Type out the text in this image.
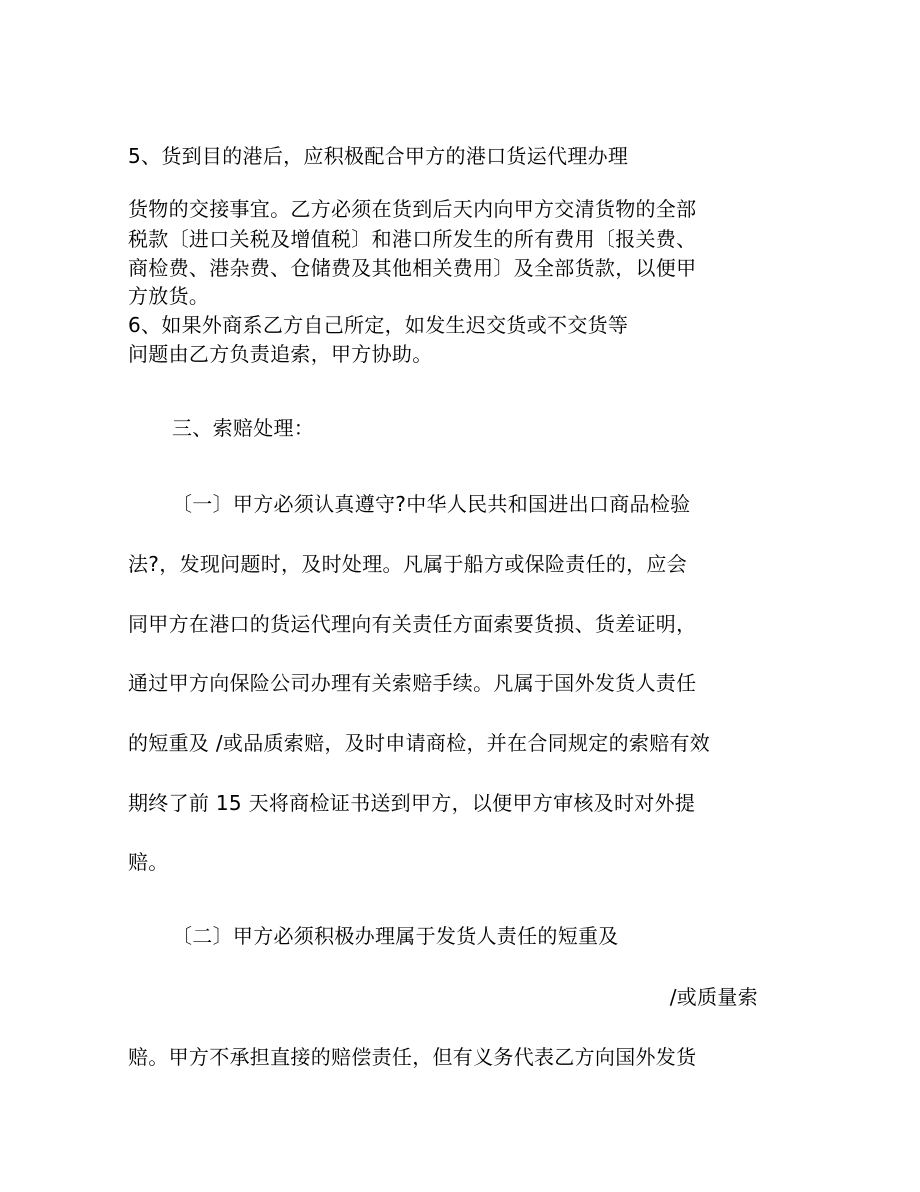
5、货到目的港后，应积极配合甲方的港口货运代理办理
货物的交接事宜。乙方必须在货到后天内向甲方交清货物的全部
税款〔进口关税及增值税〕和港口所发生的所有费用〔报关费、
商检费、港杂费、仓储费及其他相关费用〕及全部货款，以便甲
方放货。
6、如果外商系乙方自己所定，如发生迟交货或不交货等
问题由乙方负责追索，甲方协助。
三、索赔处理：
〔一〕甲方必须认真遵守?中华人民共和国进出口商品检验
法?，发现问题时，及时处理。凡属于船方或保险责任的，应会
同甲方在港口的货运代理向有关责任方面索要货损、货差证明，
通过甲方向保险公司办理有关索赔手续。凡属于国外发货人责任
的短重及 /或品质索赔，及时申请商检，并在合同规定的索赔有效
期终了前 15 天将商检证书送到甲方，以便甲方审核及时对外提
赔。
〔二〕甲方必须积极办理属于发货人责任的短重及
/或质量索
赔。甲方不承担直接的赔偿责任，但有义务代表乙方向国外发货
